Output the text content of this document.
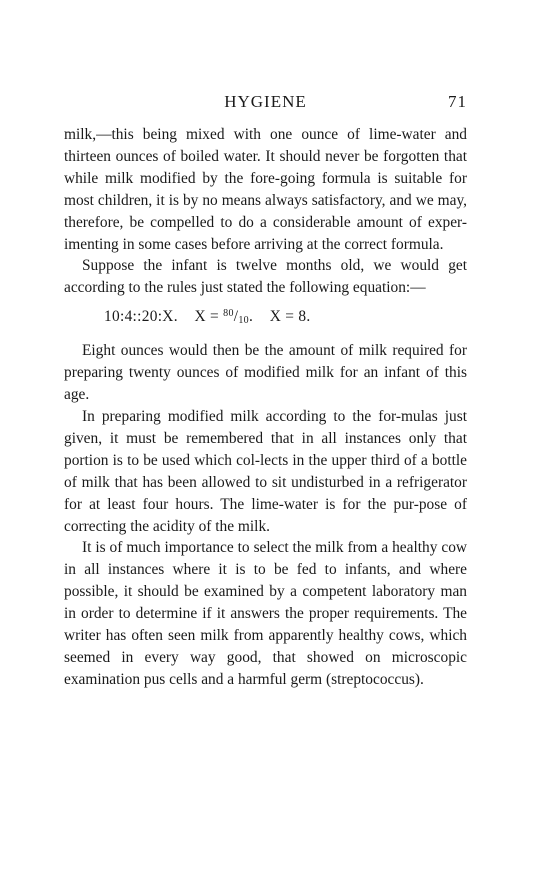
HYGIENE	71

milk,—this being mixed with one ounce of lime-water and thirteen ounces of boiled water. It should never be forgotten that while milk modified by the fore-going formula is suitable for most children, it is by no means always satisfactory, and we may, therefore, be compelled to do a considerable amount of exper-imenting in some cases before arriving at the correct formula.

Suppose the infant is twelve months old, we would get according to the rules just stated the following equation:—

10:4::20:X. $X = ^{80}/_{10}$. X = 8.

Eight ounces would then be the amount of milk required for preparing twenty ounces of modified milk for an infant of this age.

In preparing modified milk according to the for-mulas just given, it must be remembered that in all instances only that portion is to be used which col-lects in the upper third of a bottle of milk that has been allowed to sit undisturbed in a refrigerator for at least four hours. The lime-water is for the pur-pose of correcting the acidity of the milk.

It is of much importance to select the milk from a healthy cow in all instances where it is to be fed to infants, and where possible, it should be examined by a competent laboratory man in order to determine if it answers the proper requirements. The writer has often seen milk from apparently healthy cows, which seemed in every way good, that showed on microscopic examination pus cells and a harmful germ (streptococcus).
